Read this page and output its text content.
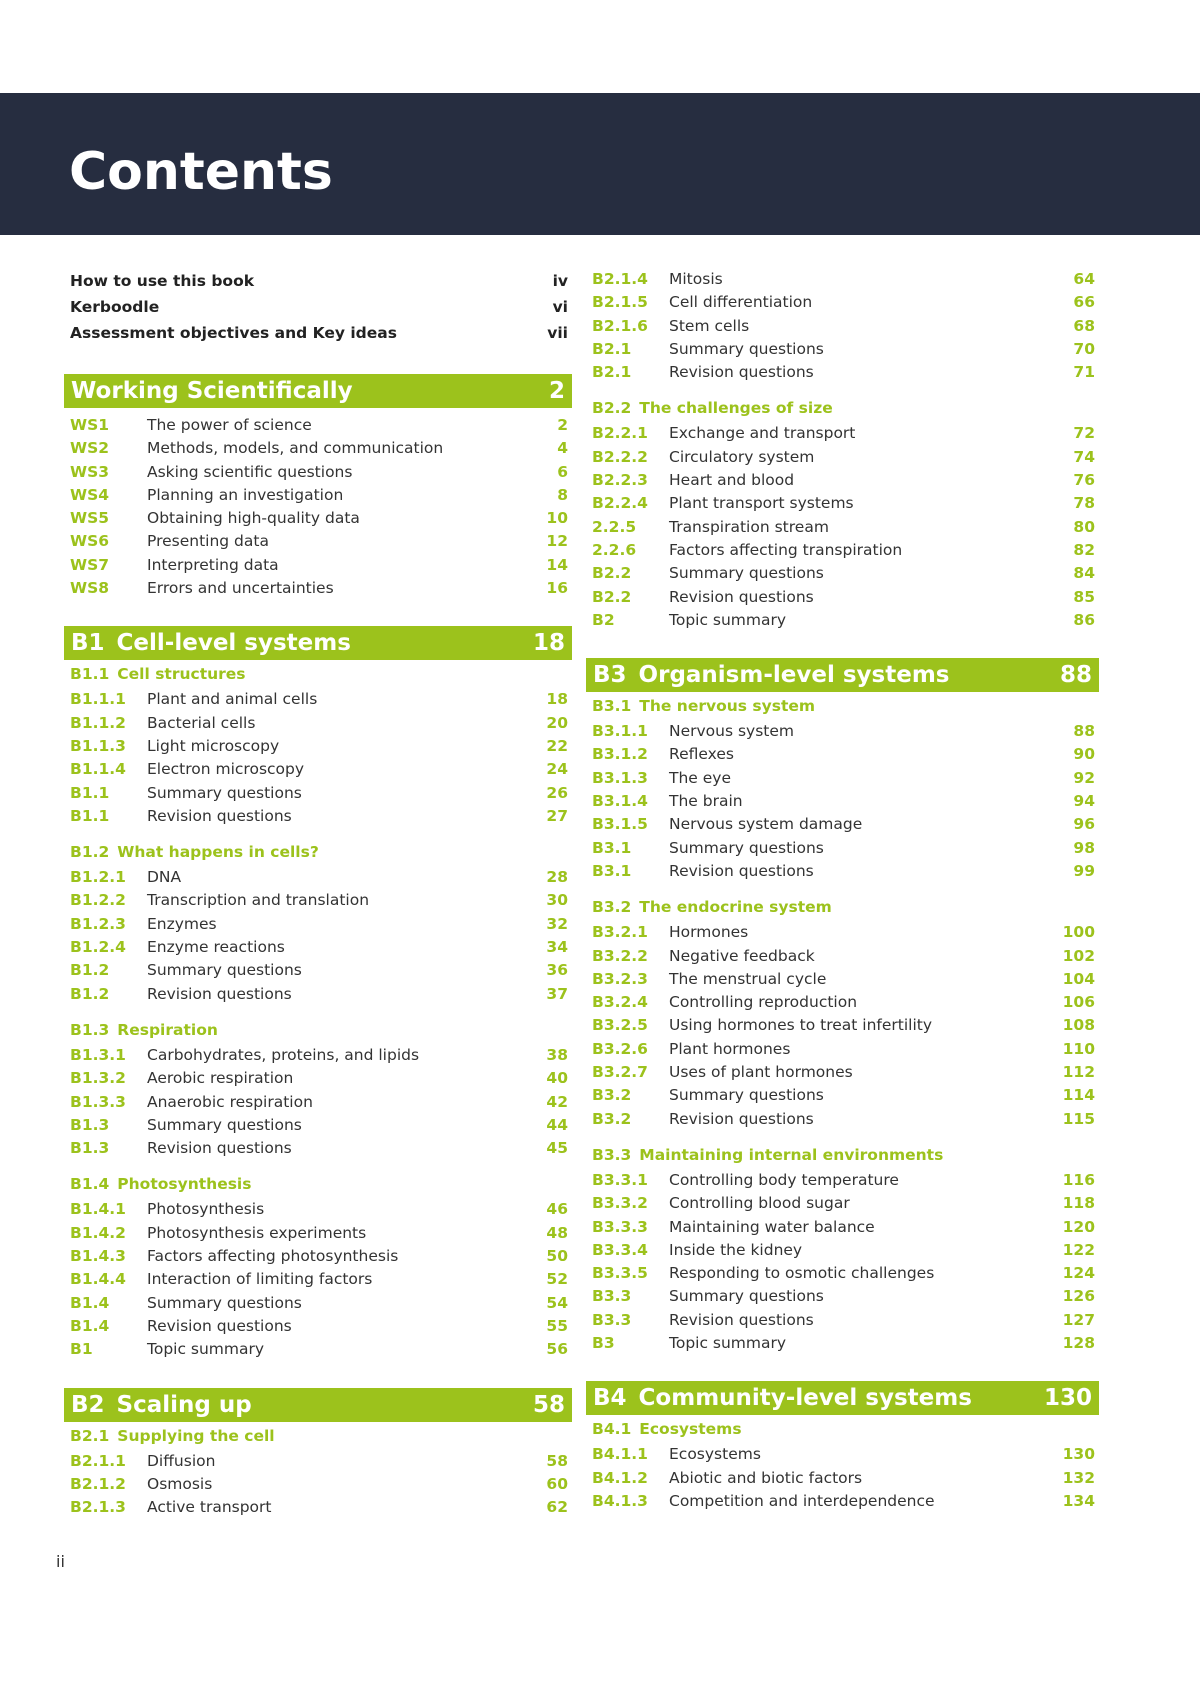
Contents
How to use this book	iv
Kerboodle	vi
Assessment objectives and Key ideas	vii
Working Scientifically	2
WS1	The power of science	2
WS2	Methods, models, and communication	4
WS3	Asking scientific questions	6
WS4	Planning an investigation	8
WS5	Obtaining high-quality data	10
WS6	Presenting data	12
WS7	Interpreting data	14
WS8	Errors and uncertainties	16
B1 Cell-level systems	18
B1.1 Cell structures
B1.1.1	Plant and animal cells	18
B1.1.2	Bacterial cells	20
B1.1.3	Light microscopy	22
B1.1.4	Electron microscopy	24
B1.1	Summary questions	26
B1.1	Revision questions	27
B1.2 What happens in cells?
B1.2.1	DNA	28
B1.2.2	Transcription and translation	30
B1.2.3	Enzymes	32
B1.2.4	Enzyme reactions	34
B1.2	Summary questions	36
B1.2	Revision questions	37
B1.3 Respiration
B1.3.1	Carbohydrates, proteins, and lipids	38
B1.3.2	Aerobic respiration	40
B1.3.3	Anaerobic respiration	42
B1.3	Summary questions	44
B1.3	Revision questions	45
B1.4 Photosynthesis
B1.4.1	Photosynthesis	46
B1.4.2	Photosynthesis experiments	48
B1.4.3	Factors affecting photosynthesis	50
B1.4.4	Interaction of limiting factors	52
B1.4	Summary questions	54
B1.4	Revision questions	55
B1	Topic summary	56
B2 Scaling up	58
B2.1 Supplying the cell
B2.1.1	Diffusion	58
B2.1.2	Osmosis	60
B2.1.3	Active transport	62
B2.1.4	Mitosis	64
B2.1.5	Cell differentiation	66
B2.1.6	Stem cells	68
B2.1	Summary questions	70
B2.1	Revision questions	71
B2.2 The challenges of size
B2.2.1	Exchange and transport	72
B2.2.2	Circulatory system	74
B2.2.3	Heart and blood	76
B2.2.4	Plant transport systems	78
2.2.5	Transpiration stream	80
2.2.6	Factors affecting transpiration	82
B2.2	Summary questions	84
B2.2	Revision questions	85
B2	Topic summary	86
B3 Organism-level systems	88
B3.1 The nervous system
B3.1.1	Nervous system	88
B3.1.2	Reflexes	90
B3.1.3	The eye	92
B3.1.4	The brain	94
B3.1.5	Nervous system damage	96
B3.1	Summary questions	98
B3.1	Revision questions	99
B3.2 The endocrine system
B3.2.1	Hormones	100
B3.2.2	Negative feedback	102
B3.2.3	The menstrual cycle	104
B3.2.4	Controlling reproduction	106
B3.2.5	Using hormones to treat infertility	108
B3.2.6	Plant hormones	110
B3.2.7	Uses of plant hormones	112
B3.2	Summary questions	114
B3.2	Revision questions	115
B3.3 Maintaining internal environments
B3.3.1	Controlling body temperature	116
B3.3.2	Controlling blood sugar	118
B3.3.3	Maintaining water balance	120
B3.3.4	Inside the kidney	122
B3.3.5	Responding to osmotic challenges	124
B3.3	Summary questions	126
B3.3	Revision questions	127
B3	Topic summary	128
B4 Community-level systems	130
B4.1 Ecosystems
B4.1.1	Ecosystems	130
B4.1.2	Abiotic and biotic factors	132
B4.1.3	Competition and interdependence	134
ii
